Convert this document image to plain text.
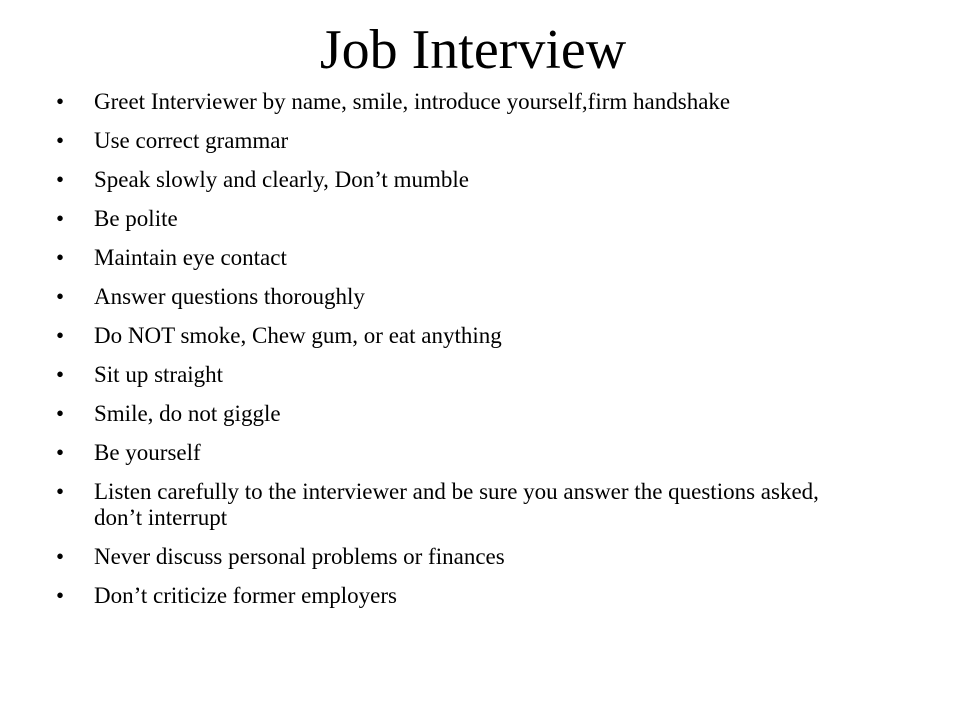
Job Interview
•	Greet Interviewer by name, smile, introduce yourself,firm handshake
•	Use correct grammar
•	Speak slowly and clearly, Don’t mumble
•	Be polite
•	Maintain eye contact
•	Answer questions thoroughly
•	Do NOT smoke, Chew gum, or eat anything
•	Sit up straight
•	Smile, do not giggle
•	Be yourself
•	Listen carefully to the interviewer and be sure you answer the questions asked, don’t interrupt
•	Never discuss personal problems or finances
•	Don’t criticize former employers
